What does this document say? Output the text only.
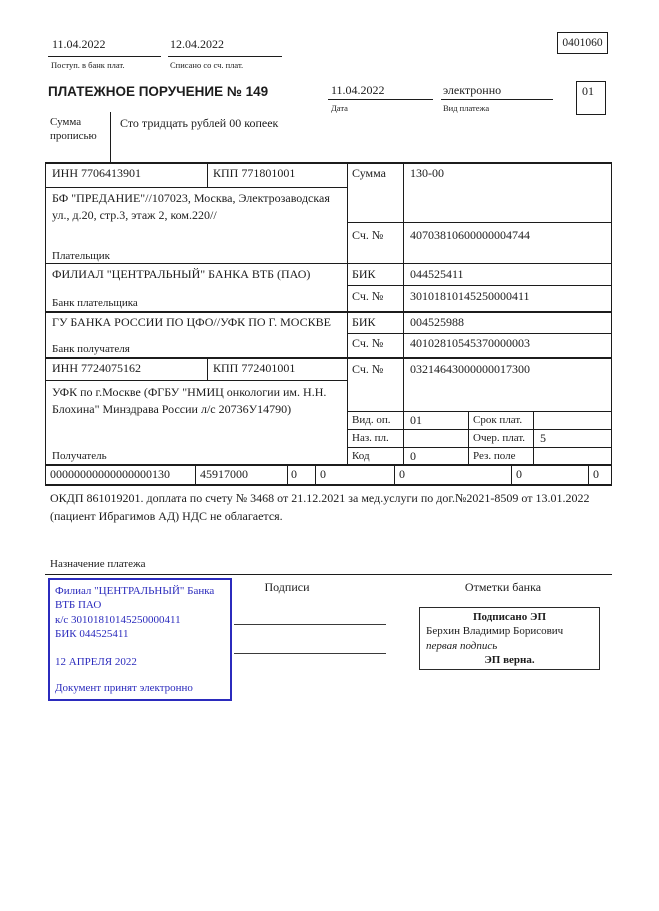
11.04.2022
Поступ. в банк плат.
12.04.2022
Списано со сч. плат.
0401060
ПЛАТЕЖНОЕ ПОРУЧЕНИЕ № 149	11.04.2022
Дата
электронно
Вид платежа
01
Сумма прописью
Сто тридцать рублей 00 копеек
ИНН 7706413901	КПП 771801001	Сумма 130-00
БФ "ПРЕДАНИЕ"//107023, Москва, Электрозаводская ул., д.20, стр.3, этаж 2, ком.220//
Сч. № 40703810600000004744
Плательщик
ФИЛИАЛ "ЦЕНТРАЛЬНЫЙ" БАНКА ВТБ (ПАО)	БИК	044525411
Сч. № 30101810145250000411
Банк плательщика
ГУ БАНКА РОССИИ ПО ЦФО//УФК ПО Г. МОСКВЕ БИК	004525988
Сч. № 40102810545370000003
Банк получателя
ИНН 7724075162	КПП 772401001	Сч. № 03214643000000017300
УФК по г.Москве (ФГБУ "НМИЦ онкологии им. Н.Н. Блохина" Минздрава России л/с 20736У14790)
Вид. оп. 01	Срок плат.
Наз. пл.	Очер. плат. 5
Код	0	Рез. поле
Получатель
00000000000000000130	45917000	0 0	0	0	0
ОКДП 861019201. доплата по счету № 3468 от 21.12.2021 за мед.услуги по дог.№2021-8509 от 13.01.2022 (пациент Ибрагимов АД) НДС не облагается.
Назначение платежа
Филиал "ЦЕНТРАЛЬНЫЙ" Банка
ВТБ ПАО
к/с 30101810145250000411
БИК 044525411
12 АПРЕЛЯ 2022
Документ принят электронно
Подписи	Отметки банка
Подписано ЭП
Берхин Владимир Борисович
первая подпись
ЭП верна.
